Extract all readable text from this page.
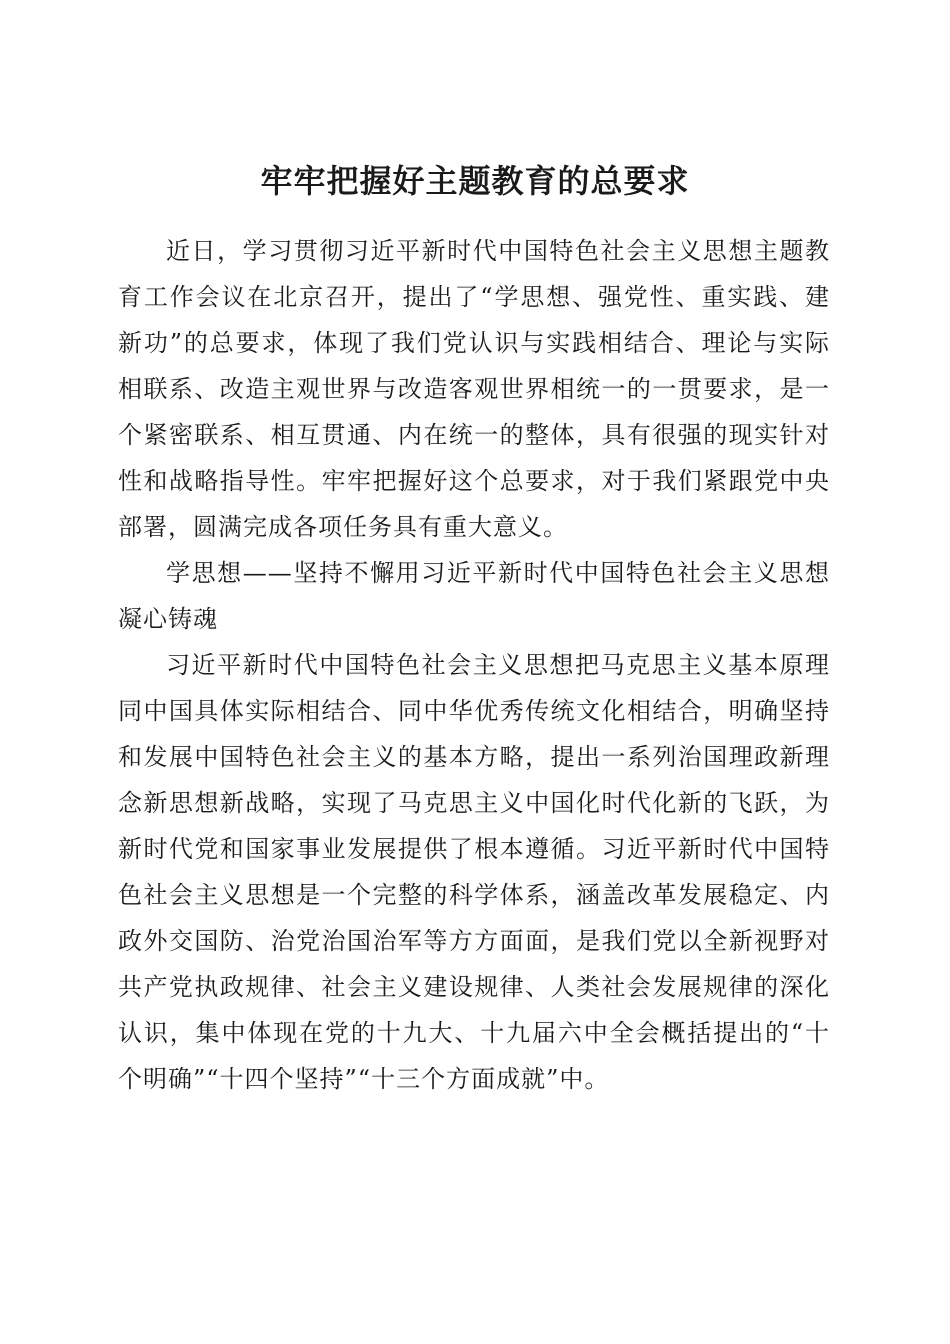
牢牢把握好主题教育的总要求

近日，学习贯彻习近平新时代中国特色社会主义思想主题教育工作会议在北京召开，提出了“学思想、强党性、重实践、建新功”的总要求，体现了我们党认识与实践相结合、理论与实际相联系、改造主观世界与改造客观世界相统一的一贯要求，是一个紧密联系、相互贯通、内在统一的整体，具有很强的现实针对性和战略指导性。牢牢把握好这个总要求，对于我们紧跟党中央部署，圆满完成各项任务具有重大意义。

学思想——坚持不懈用习近平新时代中国特色社会主义思想凝心铸魂

习近平新时代中国特色社会主义思想把马克思主义基本原理同中国具体实际相结合、同中华优秀传统文化相结合，明确坚持和发展中国特色社会主义的基本方略，提出一系列治国理政新理念新思想新战略，实现了马克思主义中国化时代化新的飞跃，为新时代党和国家事业发展提供了根本遵循。习近平新时代中国特色社会主义思想是一个完整的科学体系，涵盖改革发展稳定、内政外交国防、治党治国治军等方方面面，是我们党以全新视野对共产党执政规律、社会主义建设规律、人类社会发展规律的深化认识，集中体现在党的十九大、十九届六中全会概括提出的“十个明确”“十四个坚持”“十三个方面成就”中。
